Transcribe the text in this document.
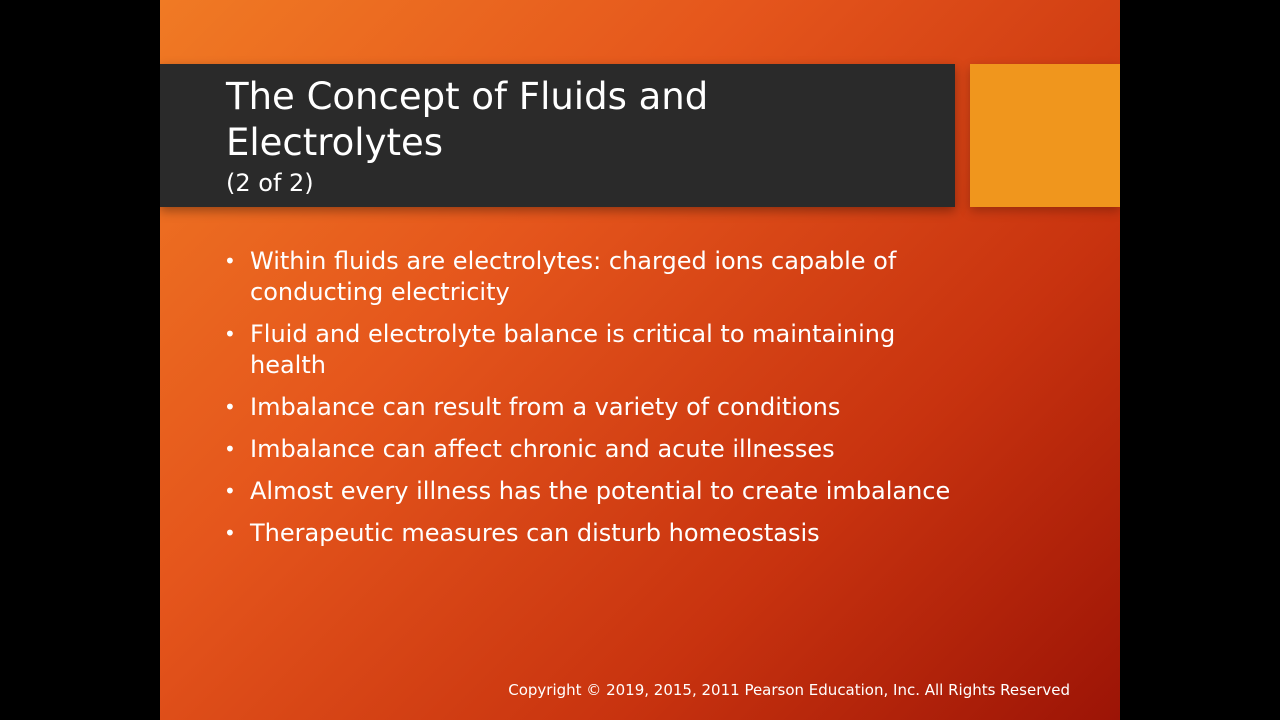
The Concept of Fluids and Electrolytes
(2 of 2)
• Within fluids are electrolytes: charged ions capable of conducting electricity
• Fluid and electrolyte balance is critical to maintaining health
• Imbalance can result from a variety of conditions
• Imbalance can affect chronic and acute illnesses
• Almost every illness has the potential to create imbalance
• Therapeutic measures can disturb homeostasis
Copyright © 2019, 2015, 2011 Pearson Education, Inc. All Rights Reserved
